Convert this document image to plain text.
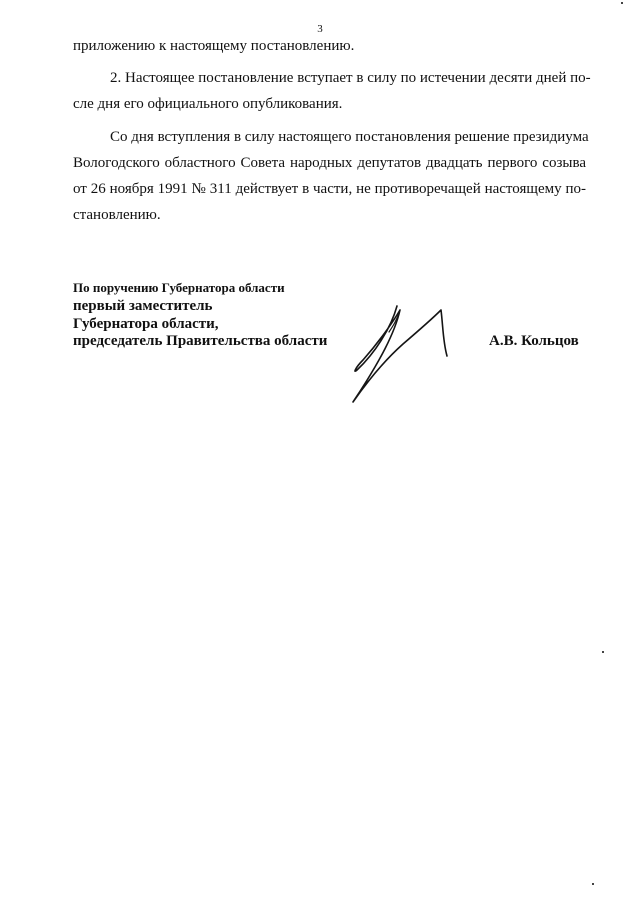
3
приложению к настоящему постановлению.
2. Настоящее постановление вступает в силу по истечении десяти дней по-
сле дня его официального опубликования.
Со дня вступления в силу настоящего постановления решение президиума
Вологодского областного Совета народных депутатов двадцать первого созыва
от 26 ноября 1991 № 311 действует в части, не противоречащей настоящему по-
становлению.
По поручению Губернатора области
первый заместитель
Губернатора области,
председатель Правительства области	А.В. Кольцов
